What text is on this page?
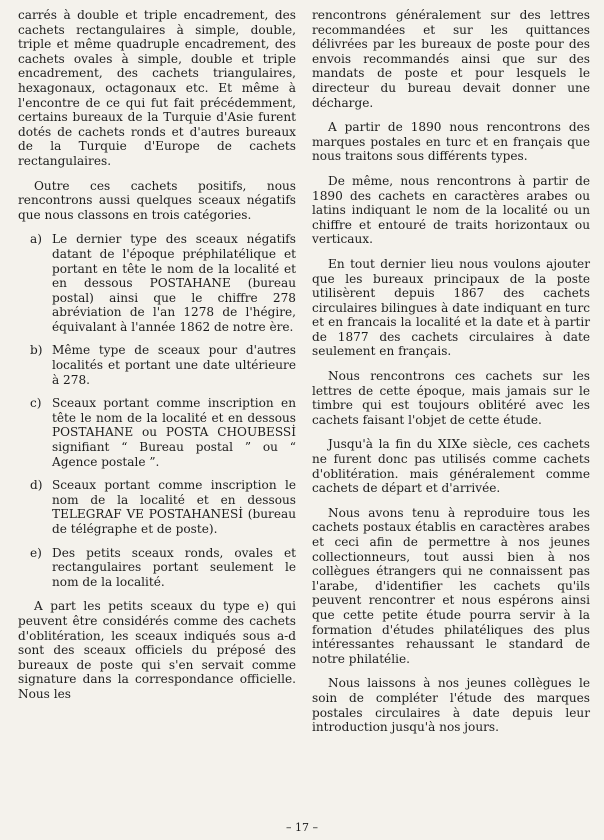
carrés à double et triple encadrement, des cachets rectangulaires à simple, double, triple et même quadruple encadrement, des cachets ovales à simple, double et triple encadrement, des cachets triangulaires, hexagonaux, octagonaux etc. Et même à l'encontre de ce qui fut fait précédemment, certains bureaux de la Turquie d'Asie furent dotés de cachets ronds et d'autres bureaux de la Turquie d'Europe de cachets rectangulaires.

Outre ces cachets positifs, nous rencontrons aussi quelques sceaux négatifs que nous classons en trois catégories.

a) Le dernier type des sceaux négatifs datant de l'époque préphilatélique et portant en tête le nom de la localité et en dessous POSTAHANE (bureau postal) ainsi que le chiffre 278 abréviation de l'an 1278 de l'hégire, équivalant à l'année 1862 de notre ère.
b) Même type de sceaux pour d'autres localités et portant une date ultérieure à 278.
c) Sceaux portant comme inscription en tête le nom de la localité et en dessous POSTAHANE ou POSTA CHOUBESSİ signifiant “ Bureau postal ” ou “ Agence postale ”.
d) Sceaux portant comme inscription le nom de la localité et en dessous TELEGRAF VE POSTAHANESİ (bureau de télégraphe et de poste).
e) Des petits sceaux ronds, ovales et rectangulaires portant seulement le nom de la localité.

A part les petits sceaux du type e) qui peuvent être considérés comme des cachets d'oblitération, les sceaux indiqués sous a-d sont des sceaux officiels du préposé des bureaux de poste qui s'en servait comme signature dans la correspondance officielle. Nous les

rencontrons généralement sur des lettres recommandées et sur les quittances délivrées par les bureaux de poste pour des envois recommandés ainsi que sur des mandats de poste et pour lesquels le directeur du bureau devait donner une décharge.

A partir de 1890 nous rencontrons des marques postales en turc et en français que nous traitons sous différents types.

De même, nous rencontrons à partir de 1890 des cachets en caractères arabes ou latins indiquant le nom de la localité ou un chiffre et entouré de traits horizontaux ou verticaux.

En tout dernier lieu nous voulons ajouter que les bureaux principaux de la poste utilisèrent depuis 1867 des cachets circulaires bilingues à date indiquant en turc et en francais la localité et la date et à partir de 1877 des cachets circulaires à date seulement en français.

Nous rencontrons ces cachets sur les lettres de cette époque, mais jamais sur le timbre qui est toujours oblitéré avec les cachets faisant l'objet de cette étude.

Jusqu'à la fin du XIXe siècle, ces cachets ne furent donc pas utilisés comme cachets d'oblitération. mais généralement comme cachets de départ et d'arrivée.

Nous avons tenu à reproduire tous les cachets postaux établis en caractères arabes et ceci afin de permettre à nos jeunes collectionneurs, tout aussi bien à nos collègues étrangers qui ne connaissent pas l'arabe, d'identifier les cachets qu'ils peuvent rencontrer et nous espérons ainsi que cette petite étude pourra servir à la formation d'études philatéliques des plus intéressantes rehaussant le standard de notre philatélie.

Nous laissons à nos jeunes collègues le soin de compléter l'étude des marques postales circulaires à date depuis leur introduction jusqu'à nos jours.

– 17 –
